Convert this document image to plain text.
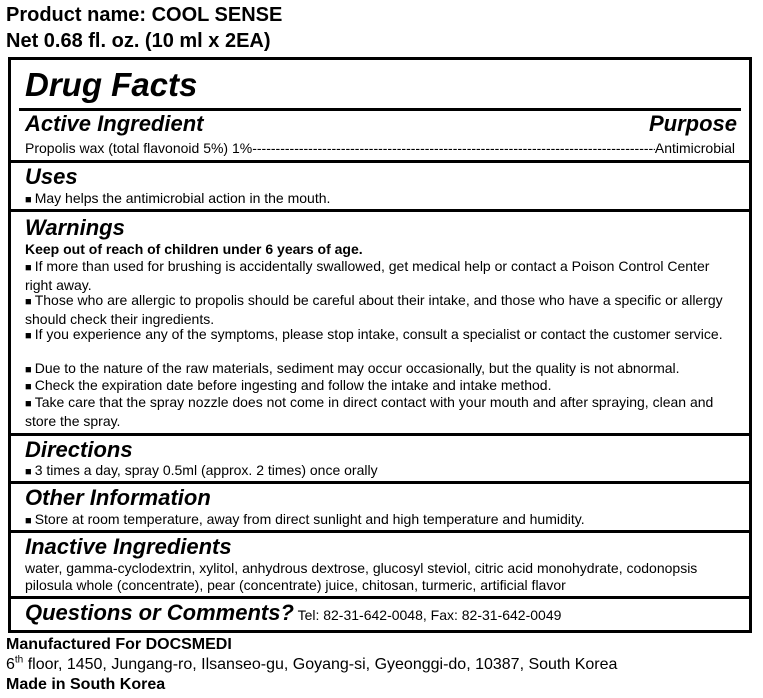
Product name: COOL SENSE
Net 0.68 fl. oz. (10 ml x 2EA)
Drug Facts
Active Ingredient	Purpose
Propolis wax (total flavonoid 5%) 1%
-----	Antimicrobial
Uses
■ May helps the antimicrobial action in the mouth.
Warnings
Keep out of reach of children under 6 years of age.
■ If more than used for brushing is accidentally swallowed, get medical help or contact a Poison Control Center right away.
■ Those who are allergic to propolis should be careful about their intake, and those who have a specific or allergy should check their ingredients.
■ If you experience any of the symptoms, please stop intake, consult a specialist or contact the customer service.
■ Due to the nature of the raw materials, sediment may occur occasionally, but the quality is not abnormal.
■ Check the expiration date before ingesting and follow the intake and intake method.
■ Take care that the spray nozzle does not come in direct contact with your mouth and after spraying, clean and store the spray.
Directions
■ 3 times a day, spray 0.5ml (approx. 2 times) once orally
Other Information
■ Store at room temperature, away from direct sunlight and high temperature and humidity.
Inactive Ingredients
water, gamma-cyclodextrin, xylitol, anhydrous dextrose, glucosyl steviol, citric acid monohydrate, codonopsis pilosula whole (concentrate), pear (concentrate) juice, chitosan, turmeric, artificial flavor
Questions or Comments? Tel: 82-31-642-0048, Fax: 82-31-642-0049
Manufactured For DOCSMEDI
6th floor, 1450, Jungang-ro, Ilsanseo-gu, Goyang-si, Gyeonggi-do, 10387, South Korea
Made in South Korea
